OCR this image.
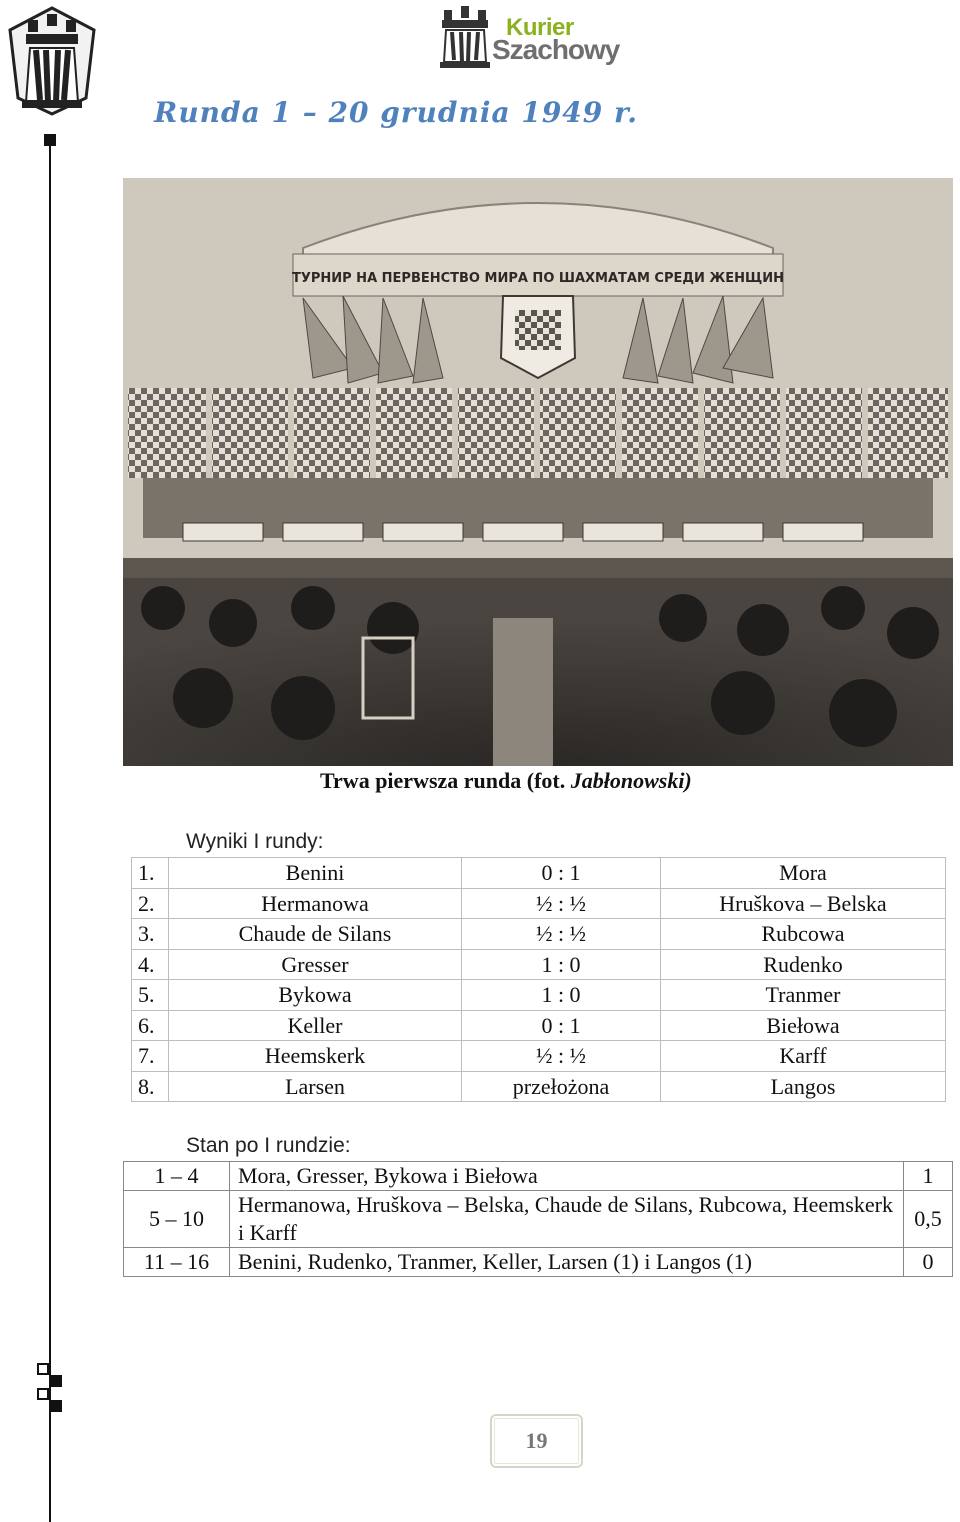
Kurier
Szachowy
Runda 1 – 20 grudnia 1949 r.
ТУРНИР НА ПЕРВЕНСТВО МИРА ПО ШАХМАТАМ СРЕДИ ЖЕНЩИН
Trwa pierwsza runda (fot. Jabłonowski)
Wyniki I rundy:
1.	Benini	0 : 1	Mora
2.	Hermanowa	½ : ½	Hruškova – Belska
3.	Chaude de Silans	½ : ½	Rubcowa
4.	Gresser	1 : 0	Rudenko
5.	Bykowa	1 : 0	Tranmer
6.	Keller	0 : 1	Biełowa
7.	Heemskerk	½ : ½	Karff
8.	Larsen	przełożona	Langos
Stan po I rundzie:
1 – 4	Mora, Gresser, Bykowa i Biełowa	1
5 – 10	Hermanowa, Hruškova – Belska, Chaude de Silans, Rubcowa, Heemskerk i Karff	0,5
11 – 16	Benini, Rudenko, Tranmer, Keller, Larsen (1) i Langos (1)	0
19
